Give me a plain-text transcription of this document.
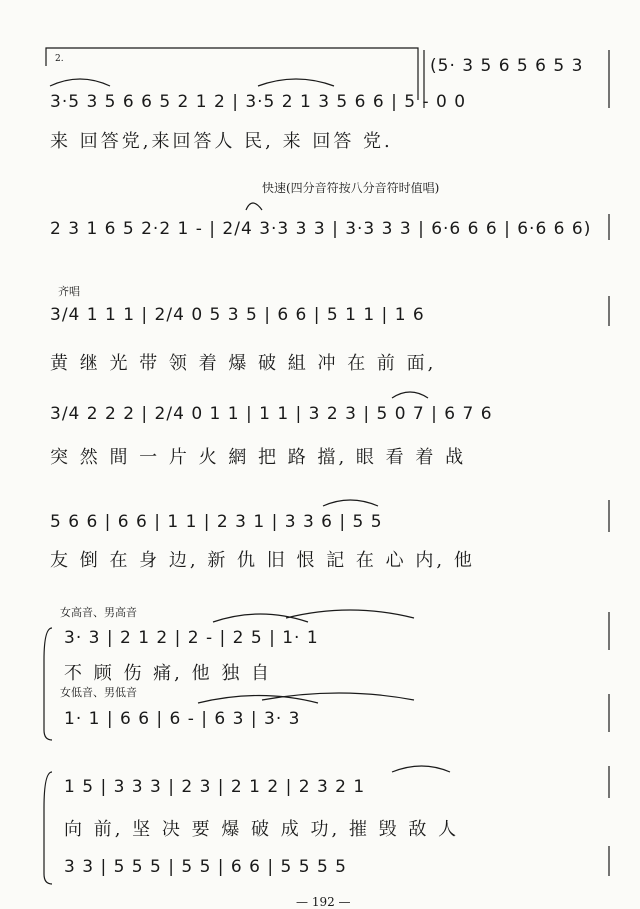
2.
3·5 3 5 6 6 5 2 1 2 | 3·5 2 1 3 5 6 6 | 5 - 0 0
(5· 3 5 6 5 6 5 3
来 回答党,来回答人 民, 来 回答 党.
快速(四分音符按八分音符时值唱)
2 3 1 6 5 2·2 1 - | 2/4 3·3 3 3 | 3·3 3 3 | 6·6 6 6 | 6·6 6 6)
齐唱
3/4 1 1 1 | 2/4 0 5 3 5 | 6 6 | 5 1 1 | 1 6
黄 继 光 带 领 着 爆 破 組 冲 在 前 面,
3/4 2 2 2 | 2/4 0 1 1 | 1 1 | 3 2 3 | 5 0 7 | 6 7 6
突 然 間 一 片 火 網 把 路 擋, 眼 看 着 战
5 6 6 | 6 6 | 1 1 | 2 3 1 | 3 3 6 | 5 5
友 倒 在 身 边, 新 仇 旧 恨 記 在 心 内, 他
女高音、男高音
3· 3 | 2 1 2 | 2 - | 2 5 | 1· 1
不 顾 伤 痛, 他 独 自
女低音、男低音
1· 1 | 6 6 | 6 - | 6 3 | 3· 3
1 5 | 3 3 3 | 2 3 | 2 1 2 | 2 3 2 1
向 前, 坚 决 要 爆 破 成 功, 摧 毁 敌 人
3 3 | 5 5 5 | 5 5 | 6 6 | 5 5 5 5
— 192 —
